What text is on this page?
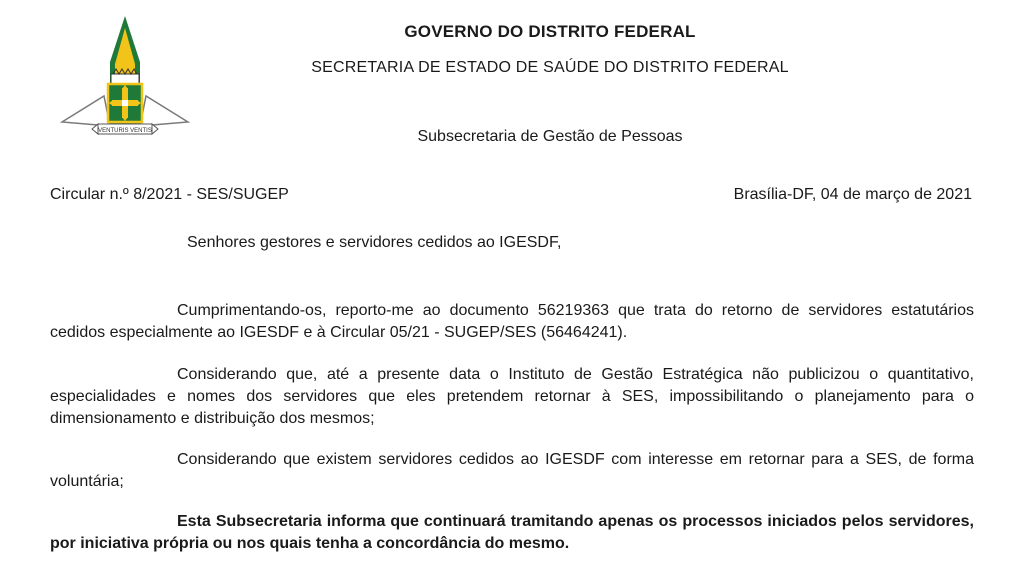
VENTURIS VENTIS
GOVERNO DO DISTRITO FEDERAL
SECRETARIA DE ESTADO DE SAÚDE DO DISTRITO FEDERAL
Subsecretaria de Gestão de Pessoas
Circular n.º 8/2021 - SES/SUGEP	Brasília-DF, 04 de março de 2021
Senhores gestores e servidores cedidos ao IGESDF,
Cumprimentando-os, reporto-me ao documento 56219363 que trata do retorno de servidores estatutários cedidos especialmente ao IGESDF e à Circular 05/21 - SUGEP/SES (56464241).
Considerando que, até a presente data o Instituto de Gestão Estratégica não publicizou o quantitativo, especialidades e nomes dos servidores que eles pretendem retornar à SES, impossibilitando o planejamento para o dimensionamento e distribuição dos mesmos;
Considerando que existem servidores cedidos ao IGESDF com interesse em retornar para a SES, de forma voluntária;
Esta Subsecretaria informa que continuará tramitando apenas os processos iniciados pelos servidores, por iniciativa própria ou nos quais tenha a concordância do mesmo.
